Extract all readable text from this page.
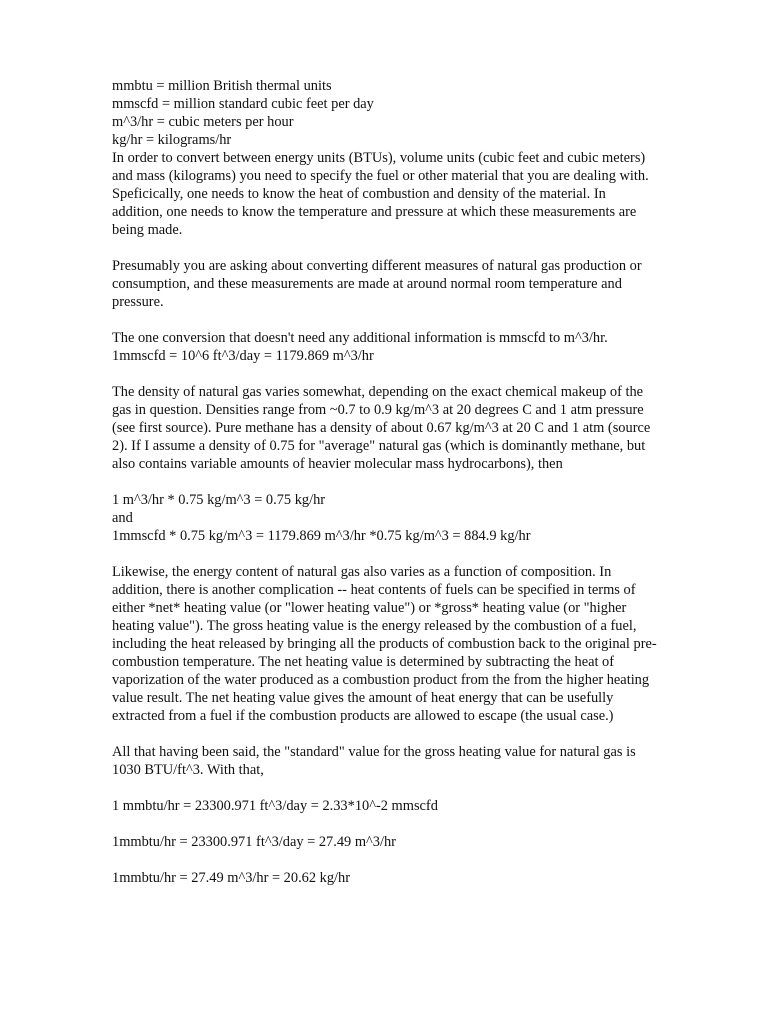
mmbtu = million British thermal units
mmscfd = million standard cubic feet per day
m^3/hr = cubic meters per hour
kg/hr = kilograms/hr

In order to convert between energy units (BTUs), volume units (cubic feet and cubic meters) and mass (kilograms) you need to specify the fuel or other material that you are dealing with. Speficically, one needs to know the heat of combustion and density of the material. In addition, one needs to know the temperature and pressure at which these measurements are being made.

Presumably you are asking about converting different measures of natural gas production or consumption, and these measurements are made at around normal room temperature and pressure.

The one conversion that doesn't need any additional information is mmscfd to m^3/hr.
1mmscfd = 10^6 ft^3/day = 1179.869 m^3/hr

The density of natural gas varies somewhat, depending on the exact chemical makeup of the gas in question. Densities range from ~0.7 to 0.9 kg/m^3 at 20 degrees C and 1 atm pressure (see first source). Pure methane has a density of about 0.67 kg/m^3 at 20 C and 1 atm (source 2). If I assume a density of 0.75 for "average" natural gas (which is dominantly methane, but also contains variable amounts of heavier molecular mass hydrocarbons), then

1 m^3/hr * 0.75 kg/m^3 = 0.75 kg/hr
and
1mmscfd * 0.75 kg/m^3 = 1179.869 m^3/hr *0.75 kg/m^3 = 884.9 kg/hr

Likewise, the energy content of natural gas also varies as a function of composition. In addition, there is another complication -- heat contents of fuels can be specified in terms of either *net* heating value (or "lower heating value") or *gross* heating value (or "higher heating value"). The gross heating value is the energy released by the combustion of a fuel, including the heat released by bringing all the products of combustion back to the original pre-combustion temperature. The net heating value is determined by subtracting the heat of vaporization of the water produced as a combustion product from the from the higher heating value result. The net heating value gives the amount of heat energy that can be usefully extracted from a fuel if the combustion products are allowed to escape (the usual case.)

All that having been said, the "standard" value for the gross heating value for natural gas is 1030 BTU/ft^3. With that,

1 mmbtu/hr = 23300.971 ft^3/day = 2.33*10^-2 mmscfd
1mmbtu/hr = 23300.971 ft^3/day = 27.49 m^3/hr
1mmbtu/hr = 27.49 m^3/hr = 20.62 kg/hr
